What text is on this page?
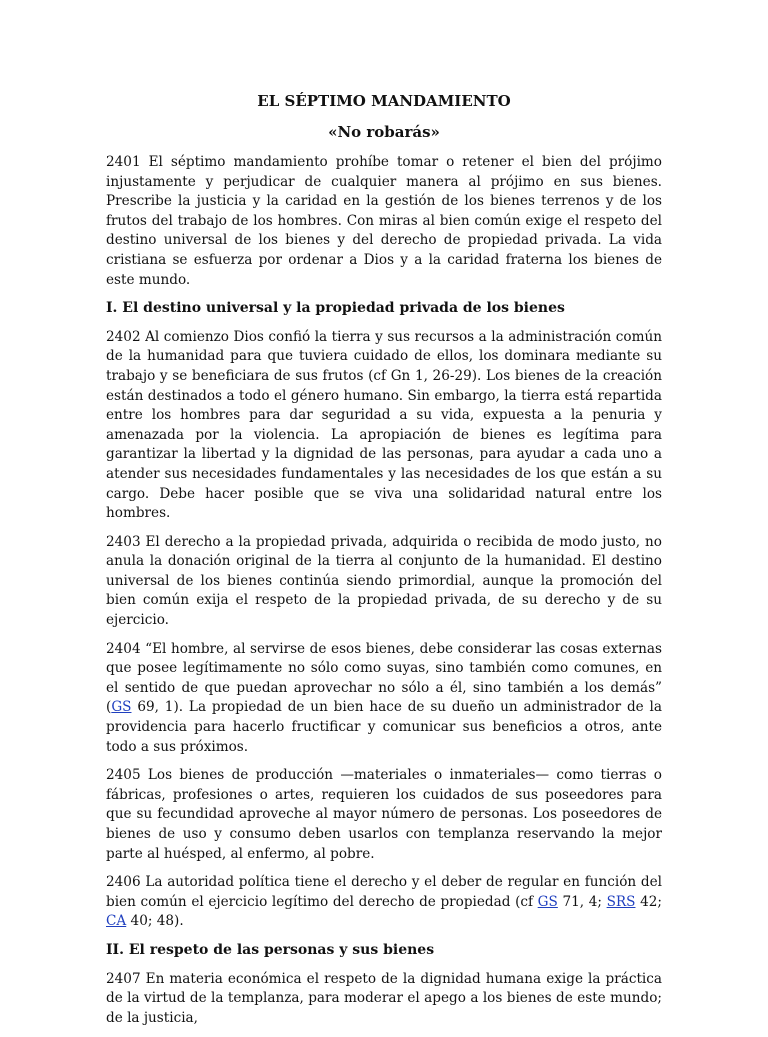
EL SÉPTIMO MANDAMIENTO
«No robarás»
2401 El séptimo mandamiento prohíbe tomar o retener el bien del prójimo injustamente y perjudicar de cualquier manera al prójimo en sus bienes. Prescribe la justicia y la caridad en la gestión de los bienes terrenos y de los frutos del trabajo de los hombres. Con miras al bien común exige el respeto del destino universal de los bienes y del derecho de propiedad privada. La vida cristiana se esfuerza por ordenar a Dios y a la caridad fraterna los bienes de este mundo.
I. El destino universal y la propiedad privada de los bienes
2402 Al comienzo Dios confió la tierra y sus recursos a la administración común de la humanidad para que tuviera cuidado de ellos, los dominara mediante su trabajo y se beneficiara de sus frutos (cf Gn 1, 26-29). Los bienes de la creación están destinados a todo el género humano. Sin embargo, la tierra está repartida entre los hombres para dar seguridad a su vida, expuesta a la penuria y amenazada por la violencia. La apropiación de bienes es legítima para garantizar la libertad y la dignidad de las personas, para ayudar a cada uno a atender sus necesidades fundamentales y las necesidades de los que están a su cargo. Debe hacer posible que se viva una solidaridad natural entre los hombres.
2403 El derecho a la propiedad privada, adquirida o recibida de modo justo, no anula la donación original de la tierra al conjunto de la humanidad. El destino universal de los bienes continúa siendo primordial, aunque la promoción del bien común exija el respeto de la propiedad privada, de su derecho y de su ejercicio.
2404 “El hombre, al servirse de esos bienes, debe considerar las cosas externas que posee legítimamente no sólo como suyas, sino también como comunes, en el sentido de que puedan aprovechar no sólo a él, sino también a los demás” (GS 69, 1). La propiedad de un bien hace de su dueño un administrador de la providencia para hacerlo fructificar y comunicar sus beneficios a otros, ante todo a sus próximos.
2405 Los bienes de producción —materiales o inmateriales— como tierras o fábricas, profesiones o artes, requieren los cuidados de sus poseedores para que su fecundidad aproveche al mayor número de personas. Los poseedores de bienes de uso y consumo deben usarlos con templanza reservando la mejor parte al huésped, al enfermo, al pobre.
2406 La autoridad política tiene el derecho y el deber de regular en función del bien común el ejercicio legítimo del derecho de propiedad (cf GS 71, 4; SRS 42; CA 40; 48).
II. El respeto de las personas y sus bienes
2407 En materia económica el respeto de la dignidad humana exige la práctica de la virtud de la templanza, para moderar el apego a los bienes de este mundo; de la justicia,
